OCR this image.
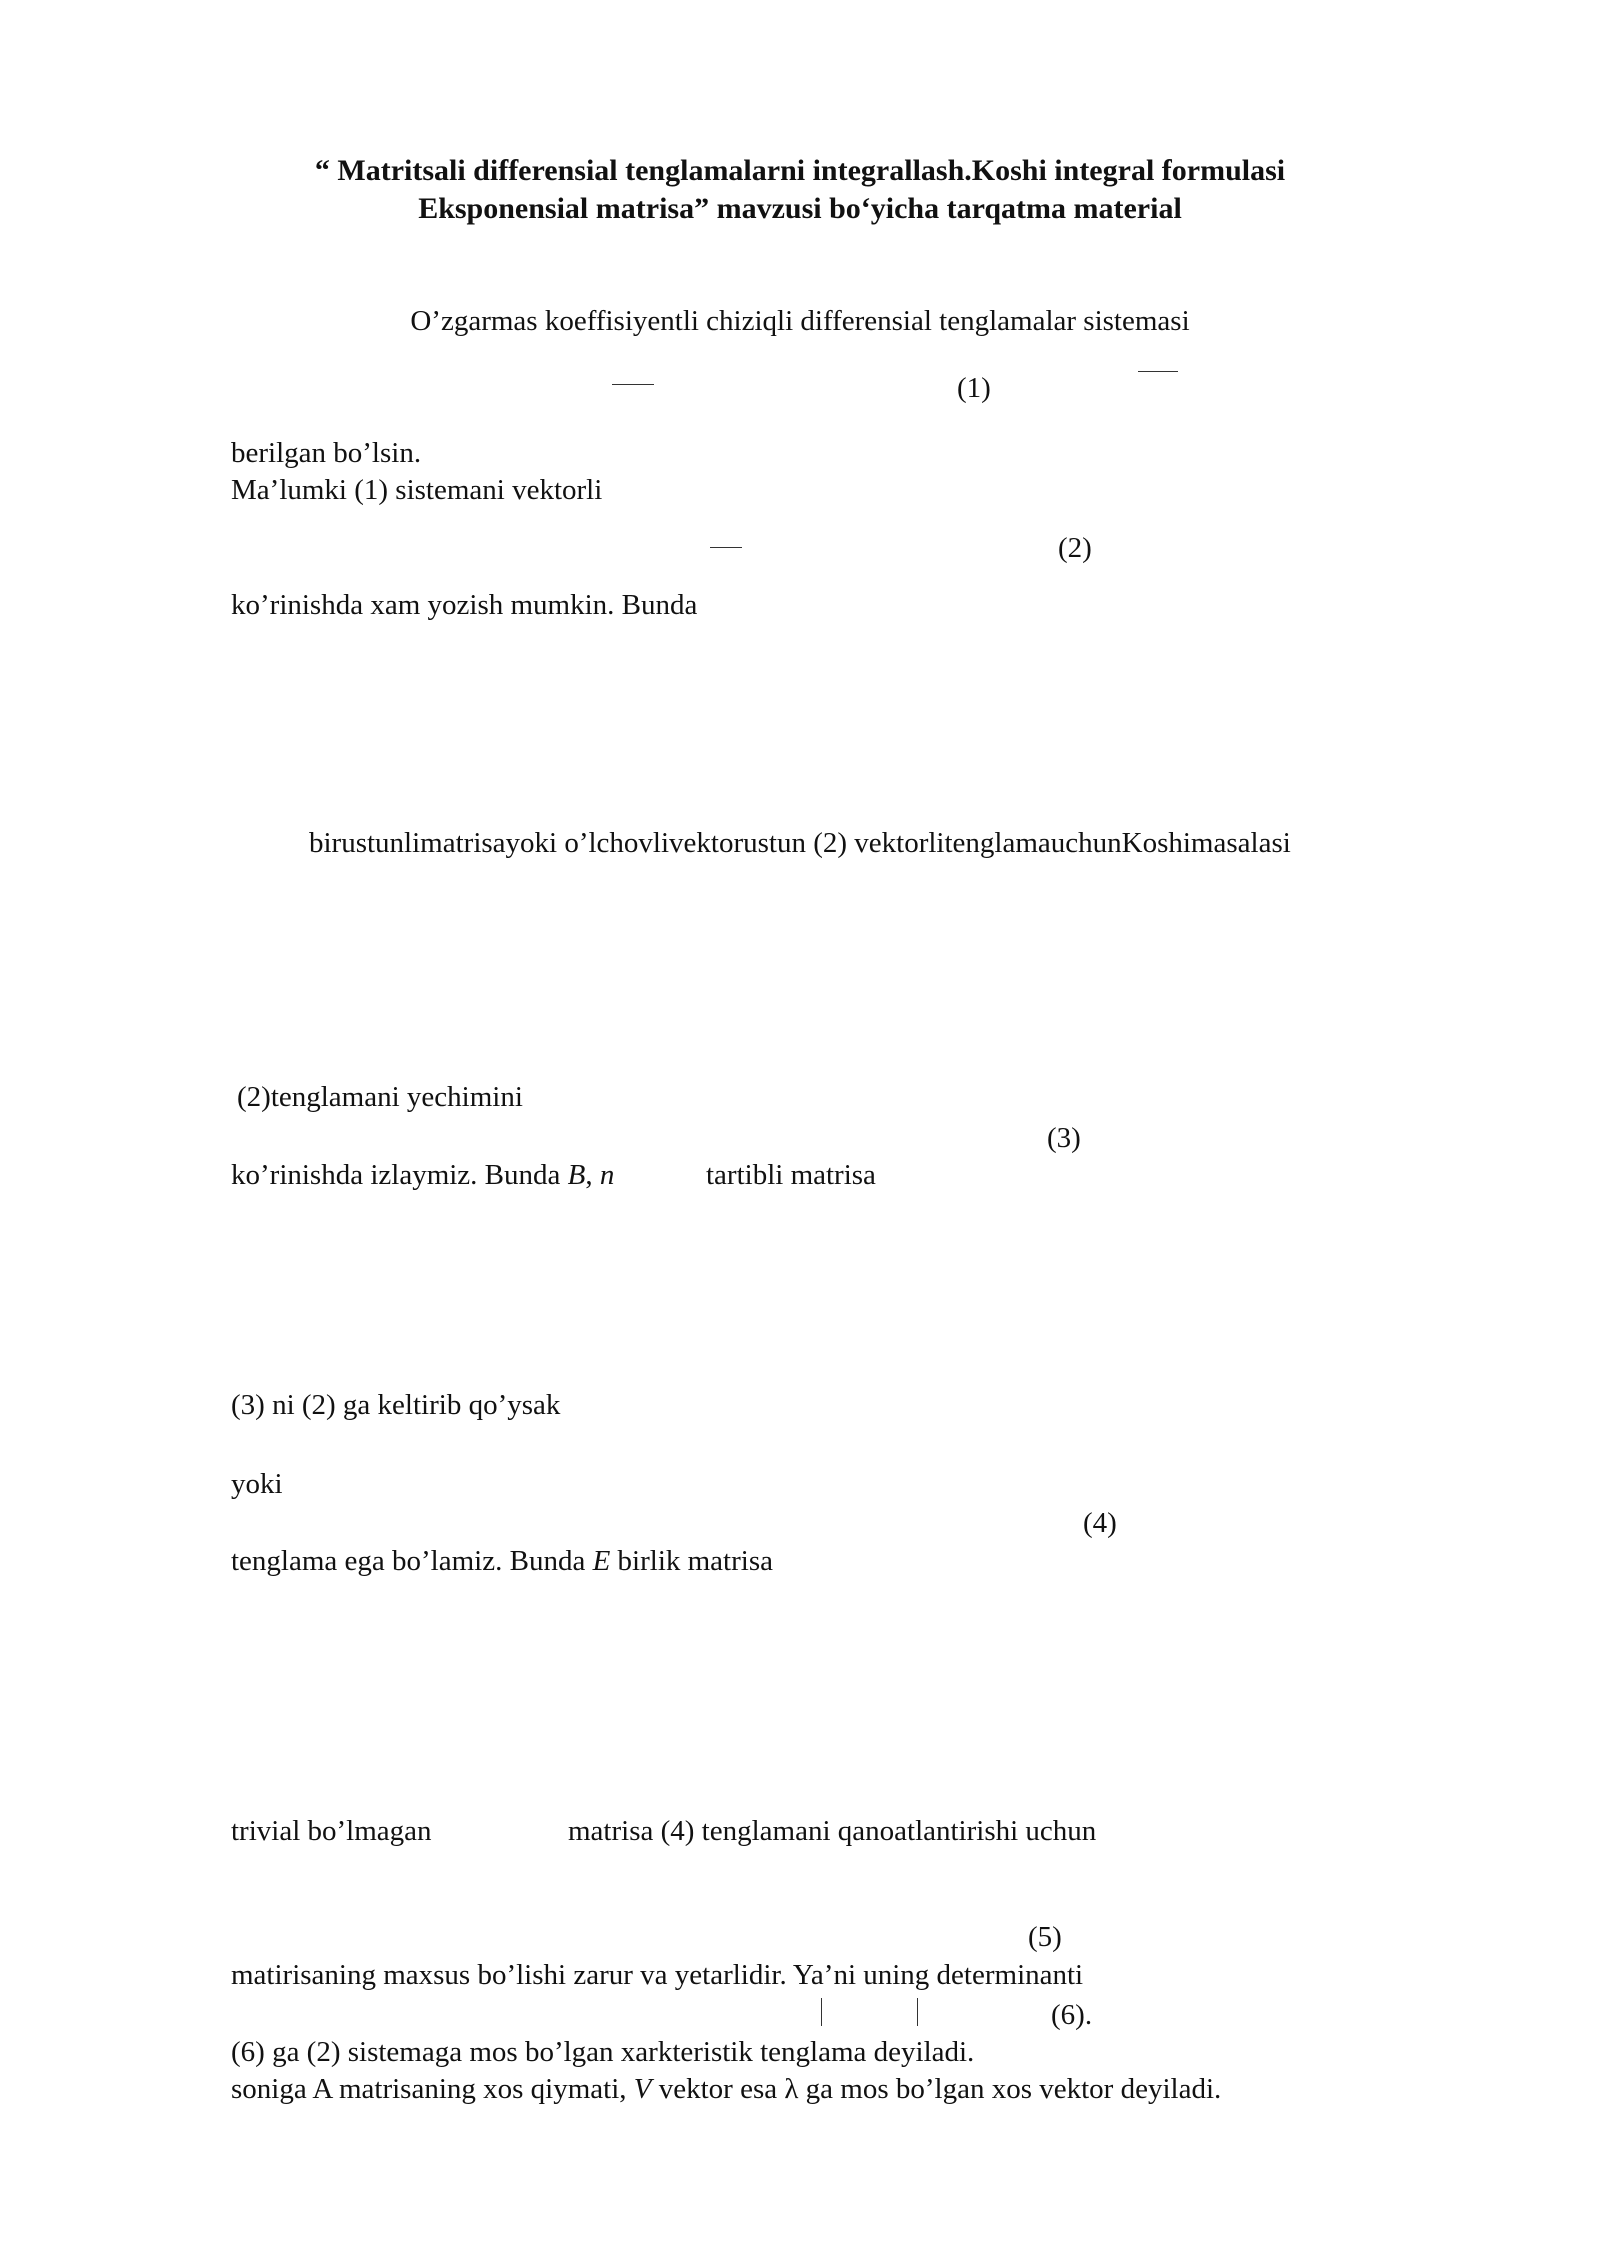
“ Matritsali differensial tenglamalarni integrallash.Koshi integral formulasi
Eksponensial matrisa” mavzusi bo‘yicha tarqatma material

O’zgarmas koeffisiyentli chiziqli differensial tenglamalar sistemasi

(1)

berilgan bo’lsin.

Ma’lumki (1) sistemani vektorli

(2)

ko’rinishda xam yozish mumkin. Bunda

birustunlimatrisayoki o’lchovlivektorustun (2) vektorlitenglamauchunKoshimasalasi

(2)tenglamani yechimini

(3)

ko’rinishda izlaymiz. Bunda B, n	tartibli matrisa

(3) ni (2) ga keltirib qo’ysak

yoki

(4)

tenglama ega bo’lamiz. Bunda E birlik matrisa

trivial bo’lmagan	matrisa (4) tenglamani qanoatlantirishi uchun

(5)

matirisaning maxsus bo’lishi zarur va yetarlidir. Ya’ni uning determinanti

(6).

(6) ga (2) sistemaga mos bo’lgan xarkteristik tenglama deyiladi.

soniga A matrisaning xos qiymati, V vektor esa λ ga mos bo’lgan xos vektor deyiladi.
